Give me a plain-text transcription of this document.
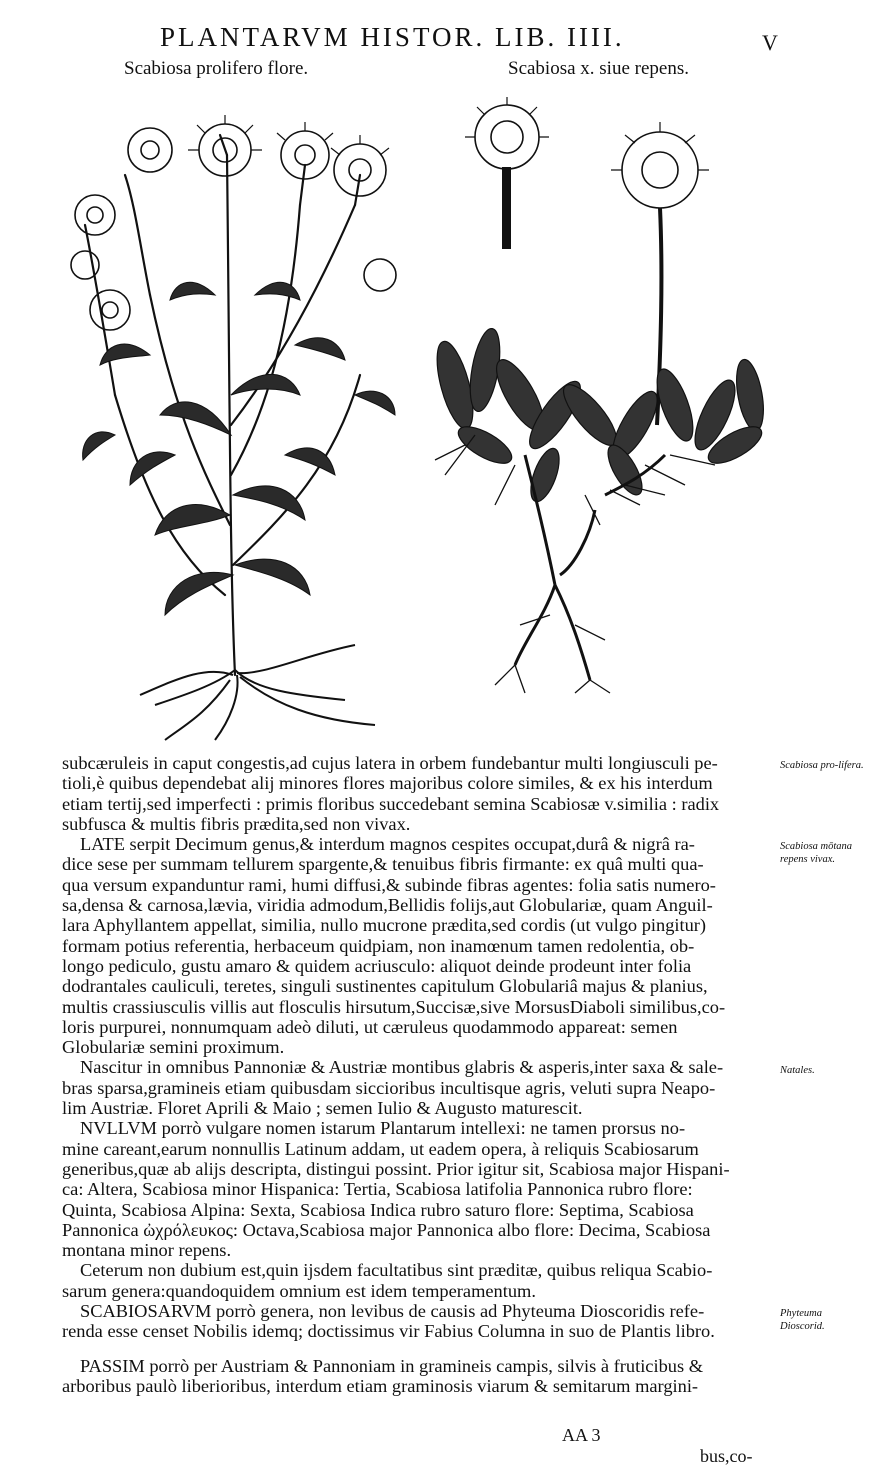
PLANTARVM HISTOR. LIB. IIII.	V
Scabiosa prolifero flore.	Scabiosa x. siue repens.
subcæruleis in caput congestis,ad cujus latera in orbem fundebantur multi longiusculi pe-
tioli,è quibus dependebat alij minores flores majoribus colore similes, & ex his interdum
etiam tertij,sed imperfecti : primis floribus succedebant semina Scabiosæ v.similia : radix
subfusca & multis fibris prædita,sed non vivax.
LATE serpit Decimum genus,& interdum magnos cespites occupat,durâ & nigrâ ra-
dice sese per summam tellurem spargente,& tenuibus fibris firmante: ex quâ multi qua-
qua versum expanduntur rami, humi diffusi,& subinde fibras agentes: folia satis numero-
sa,densa & carnosa,lævia, viridia admodum,Bellidis folijs,aut Globulariæ, quam Anguil-
lara Aphyllantem appellat, similia, nullo mucrone prædita,sed cordis (ut vulgo pingitur)
formam potius referentia, herbaceum quidpiam, non inamœnum tamen redolentia, ob-
longo pediculo, gustu amaro & quidem acriusculo: aliquot deinde prodeunt inter folia
dodrantales cauliculi, teretes, singuli sustinentes capitulum Globulariâ majus & planius,
multis crassiusculis villis aut flosculis hirsutum,Succisæ,sive MorsusDiaboli similibus,co-
loris purpurei, nonnumquam adeò diluti, ut cæruleus quodammodo appareat: semen
Globulariæ semini proximum.
Nascitur in omnibus Pannoniæ & Austriæ montibus glabris & asperis,inter saxa & sale-
bras sparsa,gramineis etiam quibusdam siccioribus incultisque agris, veluti supra Neapo-
lim Austriæ. Floret Aprili & Maio ; semen Iulio & Augusto maturescit.
NVLLVM porrò vulgare nomen istarum Plantarum intellexi: ne tamen prorsus no-
mine careant,earum nonnullis Latinum addam, ut eadem opera, à reliquis Scabiosarum
generibus,quæ ab alijs descripta, distingui possint. Prior igitur sit, Scabiosa major Hispani-
ca: Altera, Scabiosa minor Hispanica: Tertia, Scabiosa latifolia Pannonica rubro flore:
Quinta, Scabiosa Alpina: Sexta, Scabiosa Indica rubro saturo flore: Septima, Scabiosa
Pannonica ὠχρόλευκος: Octava,Scabiosa major Pannonica albo flore: Decima, Scabiosa
montana minor repens.
Ceterum non dubium est,quin ijsdem facultatibus sint præditæ, quibus reliqua Scabio-
sarum genera:quandoquidem omnium est idem temperamentum.
SCABIOSARVM porrò genera, non levibus de causis ad Phyteuma Dioscoridis refe-
renda esse censet Nobilis idemq; doctissimus vir Fabius Columna in suo de Plantis libro.
PASSIM porrò per Austriam & Pannoniam in gramineis campis, silvis à fruticibus &
arboribus paulò liberioribus, interdum etiam graminosis viarum & semitarum margini-
Scabiosa pro-lifera.
Scabiosa mōtana repens vivax.
Natales.
Phyteuma Dioscorid.
AA 3
bus,co-
